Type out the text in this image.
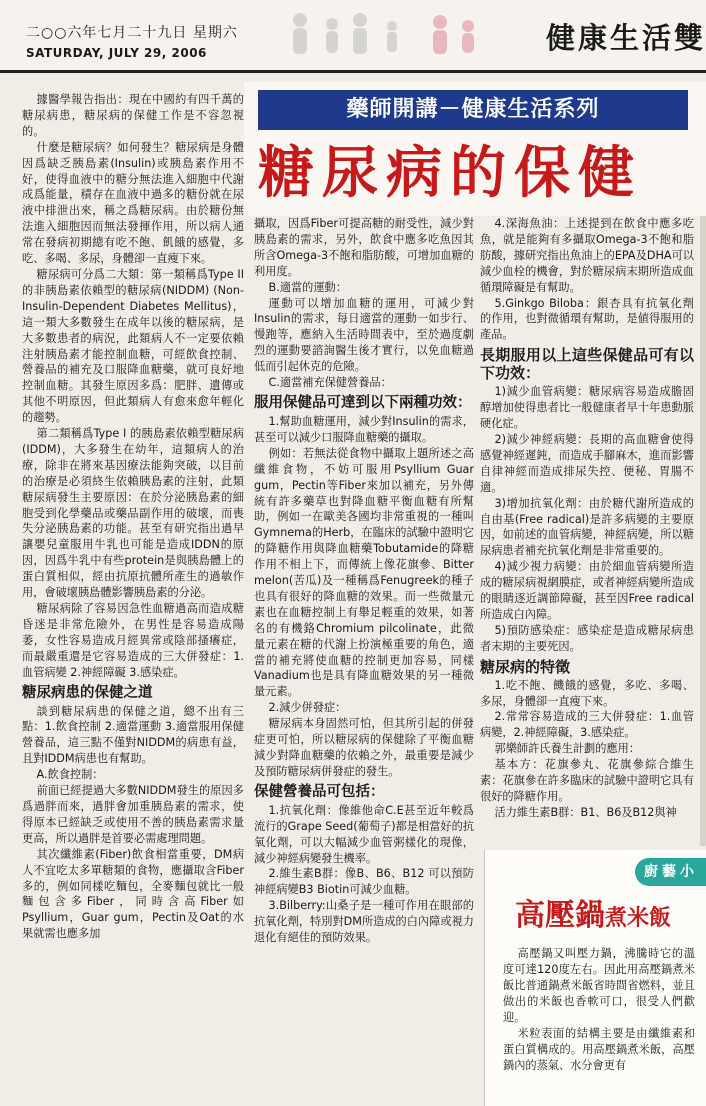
二○○六年七月二十九日 星期六
SATURDAY, JULY 29, 2006	健康生活雙

據醫學報告指出：現在中國約有四千萬的糖尿病患，糖尿病的保健工作是不容忽視的。

什麼是糖尿病？如何發生？糖尿病是身體因爲缺乏胰島素(Insulin)或胰島素作用不好，使得血液中的糖分無法進入細胞中代謝成爲能量，積存在血液中過多的糖份就在尿液中排泄出來，稱之爲糖尿病。由於糖份無法進入細胞因而無法發揮作用，所以病人通常在發病初期總有吃不飽、飢餓的感覺，多吃、多喝、多尿，身體卻一直瘦下來。

糖尿病可分爲二大類：第一類稱爲Type II的非胰島素依賴型的糖尿病(NIDDM) (Non-Insulin-Dependent Diabetes Mellitus)，這一類大多數發生在成年以後的糖尿病，是大多數患者的病況，此類病人不一定要依賴注射胰島素才能控制血糖，可經飲食控制、營養品的補充及口服降血糖藥，就可良好地控制血糖。其發生原因多爲：肥胖、遺傳或其他不明原因，但此類病人有愈來愈年輕化的趨勢。

第二類稱爲Type I 的胰島素依賴型糖尿病(IDDM)，大多發生在幼年，這類病人的治療，除非在將來基因療法能夠突破，以目前的治療是必須終生依賴胰島素的注射，此類糖尿病發生主要原因：在於分泌胰島素的細胞受到化學藥品或藥品副作用的破壞，而喪失分泌胰島素的功能。甚至有研究指出過早讓嬰兒童服用牛乳也可能是造成IDDN的原因，因爲牛乳中有些protein是與胰島體上的蛋白質相似，經由抗原抗體所產生的過敏作用，會破壞胰島體影響胰島素的分泌。

糖尿病除了容易因急性血糖過高而造成糖昏迷是非常危險外，在男性是容易造成陽萎，女性容易造成月經異常或陰部搔癢症，而最嚴重還是它容易造成的三大併發症：1.血管病變 2.神經障礙 3.感染症。

糖尿病患的保健之道

談到糖尿病患的保健之道，總不出有三點：1.飲食控制 2.適當運動 3.適當服用保健營養品，這三點不僅對NIDDM的病患有益，且對IDDM病患也有幫助。

A.飲食控制：

前面已經提過大多數NIDDM發生的原因多爲過胖而來，過胖會加重胰島素的需求，使得原本已經缺乏或使用不善的胰島素需求量更高，所以過胖是首要必需處理問題。

其次纖維素(Fiber)飲食相當重要，DM病人不宜吃太多單糖類的食物，應攝取含Fiber多的，例如同樣吃麵包，全麥麵包就比一般麵包含多Fiber，同時含高Fiber如Psyllium，Guar gum，Pectin及Oat的水果就需也應多加

藥師開講－健康生活系列
糖尿病的保健

攝取，因爲Fiber可提高糖的耐受性，減少對胰島素的需求，另外，飲食中應多吃魚因其所含Omega-3不飽和脂肪酸，可增加血糖的利用度。

B.適當的運動：

運動可以增加血糖的運用，可減少對Insulin的需求，每日適當的運動一如步行、慢跑等，應納入生活時間表中，至於過度劇烈的運動要諮詢醫生後才實行，以免血糖過低而引起休克的危險。

C.適當補充保健營養品：

服用保健品可達到以下兩種功效：

1.幫助血糖運用，減少對Insulin的需求，甚至可以減少口服降血糖藥的攝取。

例如：若無法從食物中攝取上題所述之高纖維食物，不妨可服用Psyllium Guar gum，Pectin等Fiber來加以補充，另外傳統有許多藥草也對降血糖平衡血糖有所幫助，例如一在歐美各國均非常重視的一種叫Gymnema的Herb，在臨床的試驗中證明它的降糖作用與降血糖藥Tobutamide的降糖作用不相上下，而傳統上像花旗參、Bitter melon(苦瓜)及一種稱爲Fenugreek的種子也具有很好的降血糖的效果。而一些微量元素也在血糖控制上有舉足輕重的效果，如著名的有機鉻Chromium pilcolinate，此微量元素在糖的代謝上扮演極重要的角色，適當的補充將使血糖的控制更加容易，同樣Vanadium也是具有降血糖效果的另一種微量元素。

2.減少併發症：

糖尿病本身固然可怕，但其所引起的併發症更可怕，所以糖尿病的保健除了平衡血糖減少對降血糖藥的依賴之外，最重要是減少及預防糖尿病併發症的發生。

保健營養品可包括：

1.抗氧化劑：像維他命C.E甚至近年較爲流行的Grape Seed(葡萄子)都是相當好的抗氧化劑，可以大幅減少血管粥樣化的現像，減少神經病變發生機率。

2.維生素B群：像B、B6、B12 可以預防神經病變B3 Biotin可減少血糖。

3.Bilberry:山桑子是一種可作用在眼部的抗氧化劑，特別對DM所造成的白內障或視力退化有絕佳的預防效果。

4.深海魚油：上述提到在飲食中應多吃魚，就是能夠有多攝取Omega-3不飽和脂肪酸，據研究指出魚油上的EPA及DHA可以減少血栓的機會，對於糖尿病末期所造成血循環障礙是有幫助。

5.Ginkgo Biloba：銀杏具有抗氧化劑的作用，也對微循環有幫助，是値得服用的產品。

長期服用以上這些保健品可有以下功效：

1)減少血管病變：糖尿病容易造成膽固醇增加使得患者比一般健康者早十年患動脈硬化症。

2)減少神經病變：長期的高血糖會使得感覺神經遲鈍，而造成手腳麻木，進而影響自律神經而造成排尿失控、便秘、胃腸不適。

3)增加抗氧化劑：由於糖代謝所造成的自由基(Free radical)是許多病變的主要原因，如前述的血管病變，神經病變，所以糖尿病患者補充抗氧化劑是非常重要的。

4)減少視力病變：由於細血管病變所造成的糖尿病視網膜症，或者神經病變所造成的眼睛逐近調節障礙，甚至因Free radical所造成白內障。

5)預防感染症：感染症是造成糖尿病患者末期的主要死因。

糖尿病的特徵

1.吃不飽、饑餓的感覺，多吃、多喝、多尿，身體卻一直瘦下來。

2.常常容易造成的三大併發症：1.血管病變，2.神經障礙，3.感染症。

郭樂師許氏養生計劃的應用：

基本方：花旗參丸、花旗參綜合維生素：花旗參在許多臨床的試驗中證明它具有很好的降糖作用。

活力維生素B群：B1、B6及B12與神

廚藝小
高壓鍋煮米飯

高壓鍋又叫壓力鍋，沸騰時它的溫度可達120度左右。因此用高壓鍋煮米飯比普通鍋煮米飯省時間省燃料，並且做出的米飯也香軟可口，很受人們歡迎。

米粒表面的結構主要是由纖維素和蛋白質構成的。用高壓鍋煮米飯，高壓鍋內的蒸氣、水分會更有
